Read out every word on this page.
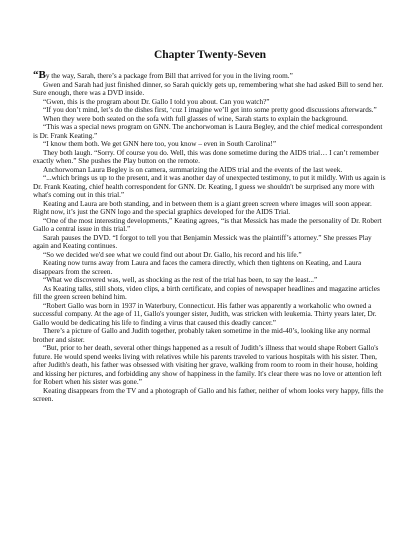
Chapter Twenty-Seven

“By the way, Sarah, there’s a package from Bill that arrived for you in the living room.”

Gwen and Sarah had just finished dinner, so Sarah quickly gets up, remembering what she had asked Bill to send her. Sure enough, there was a DVD inside.

“Gwen, this is the program about Dr. Gallo I told you about. Can you watch?”

“If you don’t mind, let’s do the dishes first, ‘cuz I imagine we’ll get into some pretty good discussions afterwards.”

When they were both seated on the sofa with full glasses of wine, Sarah starts to explain the background.

“This was a special news program on GNN. The anchorwoman is Laura Begley, and the chief medical correspondent is Dr. Frank Keating.”

“I know them both. We get GNN here too, you know – even in South Carolina!”

They both laugh. “Sorry. Of course you do. Well, this was done sometime during the AIDS trial… I can’t remember exactly when.” She pushes the Play button on the remote.

Anchorwoman Laura Begley is on camera, summarizing the AIDS trial and the events of the last week.

“...which brings us up to the present, and it was another day of unexpected testimony, to put it mildly. With us again is Dr. Frank Keating, chief health correspondent for GNN. Dr. Keating, I guess we shouldn't be surprised any more with what's coming out in this trial.”

Keating and Laura are both standing, and in between them is a giant green screen where images will soon appear. Right now, it’s just the GNN logo and the special graphics developed for the AIDS Trial.

“One of the most interesting developments,” Keating agrees, “is that Messick has made the personality of Dr. Robert Gallo a central issue in this trial.”

Sarah pauses the DVD. “I forgot to tell you that Benjamin Messick was the plaintiff’s attorney.” She presses Play again and Keating continues.

“So we decided we'd see what we could find out about Dr. Gallo, his record and his life.”

Keating now turns away from Laura and faces the camera directly, which then tightens on Keating, and Laura disappears from the screen.

“What we discovered was, well, as shocking as the rest of the trial has been, to say the least...”

As Keating talks, still shots, video clips, a birth certificate, and copies of newspaper headlines and magazine articles fill the green screen behind him.

“Robert Gallo was born in 1937 in Waterbury, Connecticut. His father was apparently a workaholic who owned a successful company. At the age of 11, Gallo's younger sister, Judith, was stricken with leukemia. Thirty years later, Dr. Gallo would be dedicating his life to finding a virus that caused this deadly cancer.”

There’s a picture of Gallo and Judith together, probably taken sometime in the mid-40’s, looking like any normal brother and sister.

“But, prior to her death, several other things happened as a result of Judith’s illness that would shape Robert Gallo's future. He would spend weeks living with relatives while his parents traveled to various hospitals with his sister. Then, after Judith's death, his father was obsessed with visiting her grave, walking from room to room in their house, holding and kissing her pictures, and forbidding any show of happiness in the family. It's clear there was no love or attention left for Robert when his sister was gone.”

Keating disappears from the TV and a photograph of Gallo and his father, neither of whom looks very happy, fills the screen.
